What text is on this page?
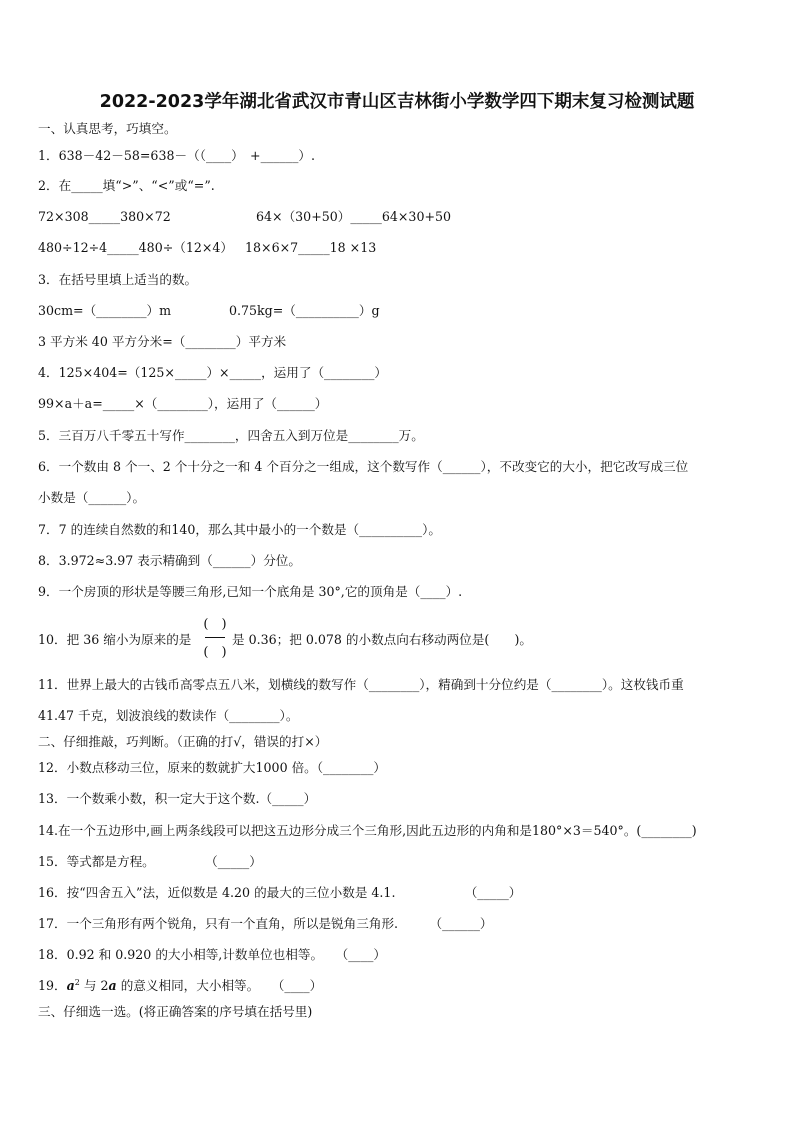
2022-2023学年湖北省武汉市青山区吉林街小学数学四下期末复习检测试题
一、认真思考，巧填空。
1．638－42－58=638－（（____）　+______）.
2．在_____填“>”、“<”或“=”.
72×308_____380×72	64×（30+50）_____64×30+50
480÷12÷4_____480÷（12×4） 18×6×7_____18 ×13
3．在括号里填上适当的数。
30cm=（________）m	0.75kg=（__________）g
3 平方米 40 平方分米=（________）平方米
4．125×404=（125×_____）×_____，运用了（________）
99×a＋a=_____×（________），运用了（______）
5．三百万八千零五十写作________，四舍五入到万位是________万。
6．一个数由 8 个一、2 个十分之一和 4 个百分之一组成，这个数写作（______），不改变它的大小，把它改写成三位
小数是（______）。
7．7 的连续自然数的和140，那么其中最小的一个数是（__________）。
8．3.972≈3.97 表示精确到（______）分位。
9．一个房顶的形状是等腰三角形,已知一个底角是 30°,它的顶角是（____）.
10．把 36 缩小为原来的是
(　)
(　)
是 0.36；把 0.078 的小数点向右移动两位是(　　)。
11．世界上最大的古钱币高零点五八米，划横线的数写作（________），精确到十分位约是（________）。这枚钱币重
41.47 千克，划波浪线的数读作（________）。
二、仔细推敲，巧判断。（正确的打√，错误的打×）
12．小数点移动三位，原来的数就扩大1000 倍。（________）
13．一个数乘小数，积一定大于这个数.（_____）
14.在一个五边形中,画上两条线段可以把这五边形分成三个三角形,因此五边形的内角和是180°×3＝540°。(________)
15．等式都是方程。　　　　　（_____）
16．按“四舍五入”法，近似数是 4.20 的最大的三位小数是 4.1.　　　　　　（_____）
17．一个三角形有两个锐角，只有一个直角，所以是锐角三角形.　　　（______）
18．0.92 和 0.920 的大小相等,计数单位也相等。　　（____）
19．$a^2$ 与 2a 的意义相同，大小相等。　　（____）
三、仔细选一选。(将正确答案的序号填在括号里)
